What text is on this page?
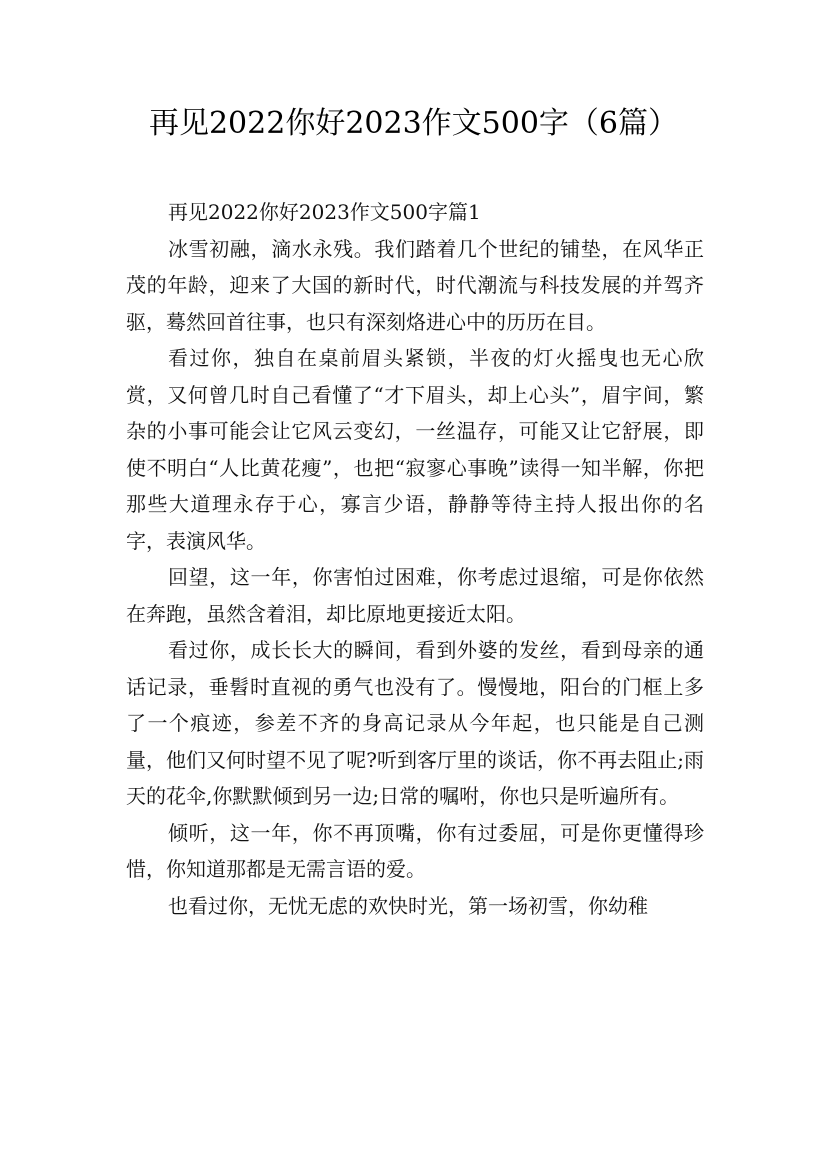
再见2022你好2023作文500字（6篇）

再见2022你好2023作文500字篇1

冰雪初融，滴水永残。我们踏着几个世纪的铺垫，在风华正茂的年龄，迎来了大国的新时代，时代潮流与科技发展的并驾齐驱，蓦然回首往事，也只有深刻烙进心中的历历在目。

看过你，独自在桌前眉头紧锁，半夜的灯火摇曳也无心欣赏，又何曾几时自己看懂了“才下眉头，却上心头”，眉宇间，繁杂的小事可能会让它风云变幻，一丝温存，可能又让它舒展，即使不明白“人比黄花瘦”，也把“寂寥心事晚”读得一知半解，你把那些大道理永存于心，寡言少语，静静等待主持人报出你的名字，表演风华。

回望，这一年，你害怕过困难，你考虑过退缩，可是你依然在奔跑，虽然含着泪，却比原地更接近太阳。

看过你，成长长大的瞬间，看到外婆的发丝，看到母亲的通话记录，垂髫时直视的勇气也没有了。慢慢地，阳台的门框上多了一个痕迹，参差不齐的身高记录从今年起，也只能是自己测量，他们又何时望不见了呢?听到客厅里的谈话，你不再去阻止;雨天的花伞,你默默倾到另一边;日常的嘱咐，你也只是听遍所有。

倾听，这一年，你不再顶嘴，你有过委屈，可是你更懂得珍惜，你知道那都是无需言语的爱。

也看过你，无忧无虑的欢快时光，第一场初雪，你幼稚
